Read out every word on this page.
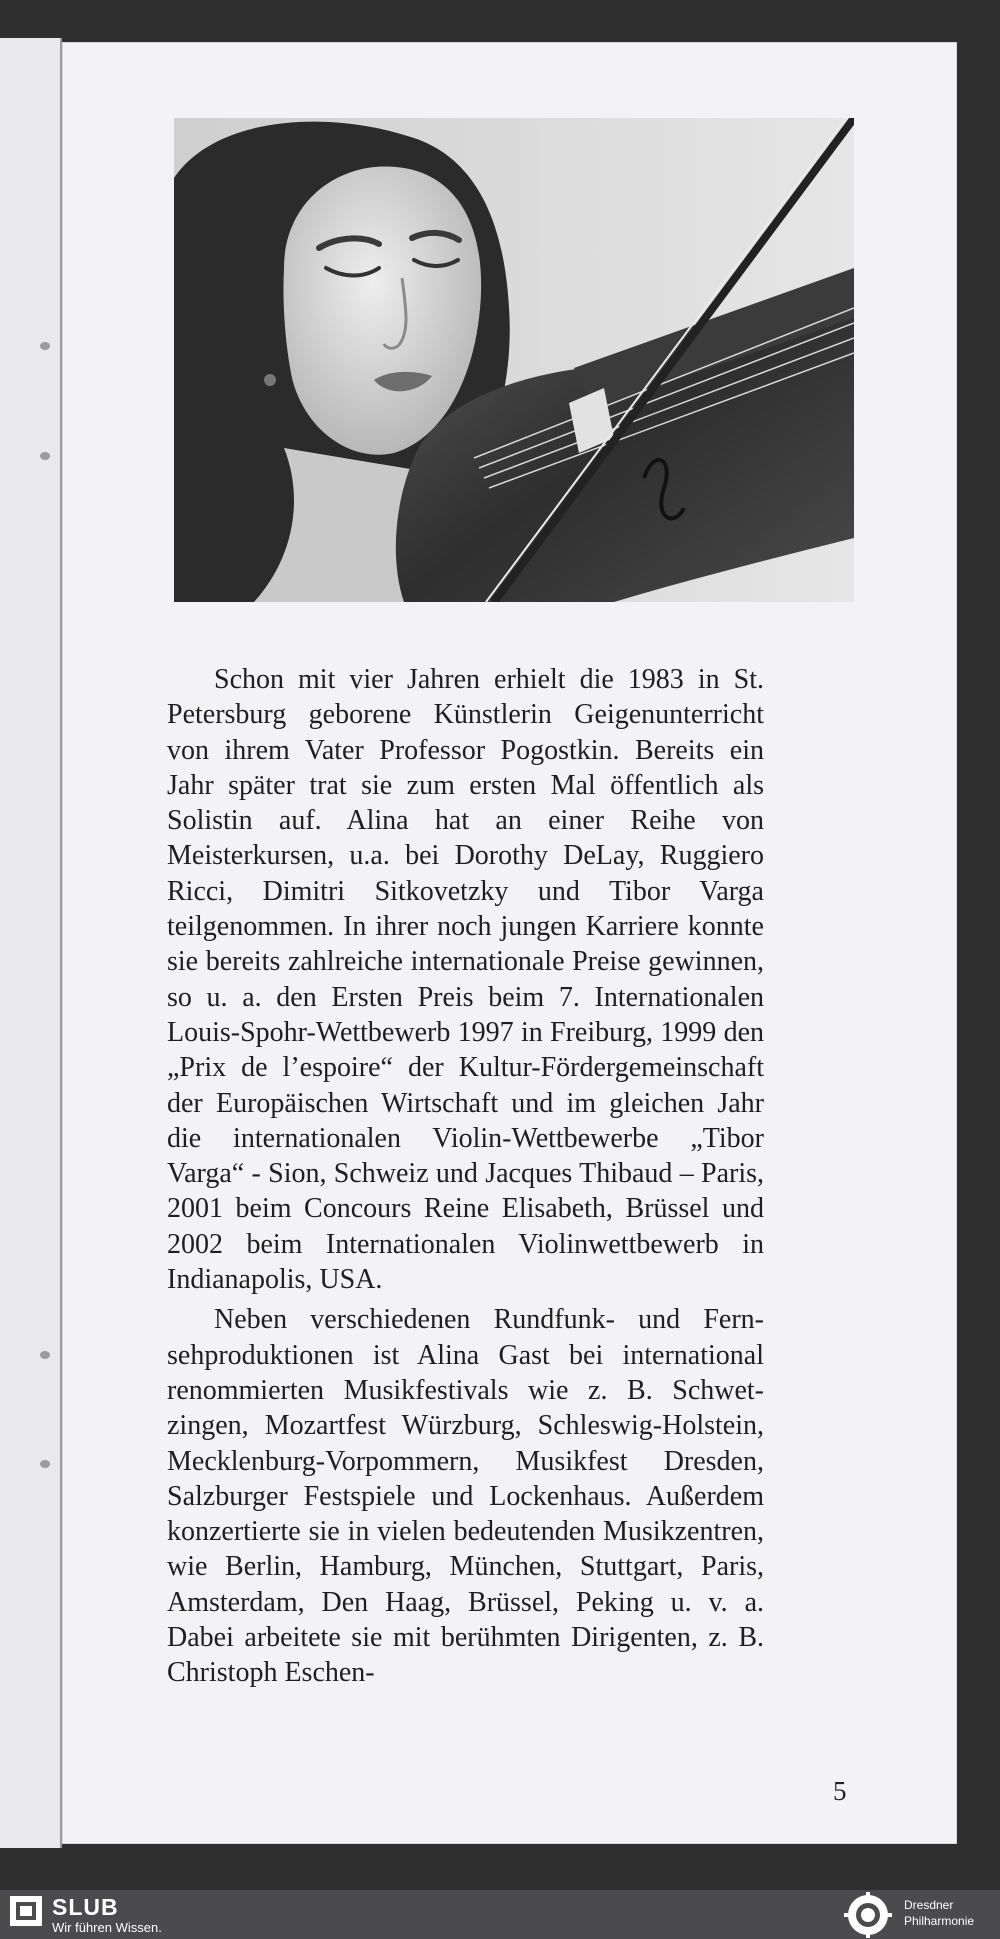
Schon mit vier Jahren erhielt die 1983 in St. Petersburg geborene Künstlerin Geigenunterricht von ihrem Vater Professor Pogostkin. Bereits ein Jahr später trat sie zum ersten Mal öffentlich als Solistin auf. Alina hat an einer Reihe von Meisterkursen, u.a. bei Dorothy DeLay, Ruggiero Ricci, Dimitri Sitkovetzky und Tibor Varga teilgenommen. In ihrer noch jungen Karriere konnte sie bereits zahlreiche internationale Preise gewinnen, so u. a. den Ersten Preis beim 7. Internationalen Louis-Spohr-Wettbewerb 1997 in Freiburg, 1999 den „Prix de l’espoire“ der Kultur-Fördergemeinschaft der Europäischen Wirtschaft und im gleichen Jahr die internationalen Violin-Wettbewerbe „Tibor Varga“ - Sion, Schweiz und Jacques Thibaud – Paris, 2001 beim Concours Reine Elisabeth, Brüssel und 2002 beim Internationalen Violinwettbewerb in Indianapolis, USA.

Neben verschiedenen Rundfunk- und Fernsehproduktionen ist Alina Gast bei international renommierten Musikfestivals wie z. B. Schwetzingen, Mozartfest Würzburg, Schleswig-Holstein, Mecklenburg-Vorpommern, Musikfest Dresden, Salzburger Festspiele und Lockenhaus. Außerdem konzertierte sie in vielen bedeutenden Musikzentren, wie Berlin, Hamburg, München, Stuttgart, Paris, Amsterdam, Den Haag, Brüssel, Peking u. v. a. Dabei arbeitete sie mit berühmten Dirigenten, z. B. Christoph Eschen-

5
SLUB
Wir führen Wissen.
Dresdner
Philharmonie
